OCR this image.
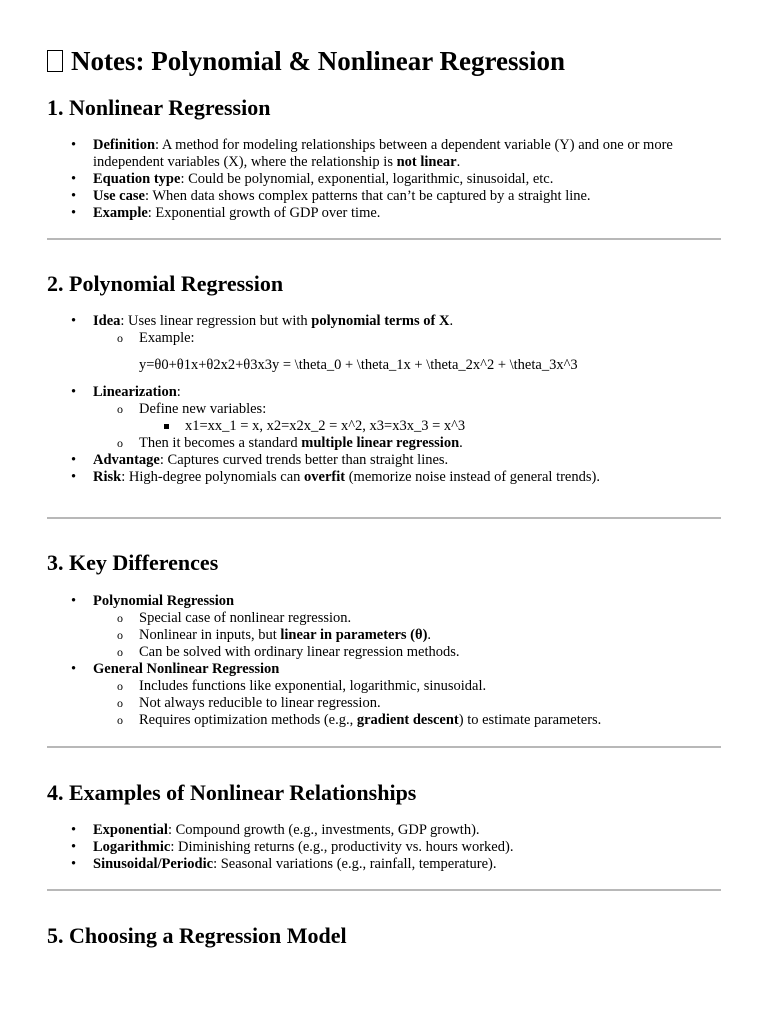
Notes: Polynomial & Nonlinear Regression
1. Nonlinear Regression
• Definition: A method for modeling relationships between a dependent variable (Y) and one or more independent variables (X), where the relationship is not linear.
• Equation type: Could be polynomial, exponential, logarithmic, sinusoidal, etc.
• Use case: When data shows complex patterns that can’t be captured by a straight line.
• Example: Exponential growth of GDP over time.
2. Polynomial Regression
• Idea: Uses linear regression but with polynomial terms of X.
o Example:
y=θ0+θ1x+θ2x2+θ3x3y = \theta_0 + \theta_1x + \theta_2x^2 + \theta_3x^3
• Linearization:
o Define new variables:
x1=xx_1 = x, x2=x2x_2 = x^2, x3=x3x_3 = x^3
o Then it becomes a standard multiple linear regression.
• Advantage: Captures curved trends better than straight lines.
• Risk: High-degree polynomials can overfit (memorize noise instead of general trends).
3. Key Differences
• Polynomial Regression
o Special case of nonlinear regression.
o Nonlinear in inputs, but linear in parameters (θ).
o Can be solved with ordinary linear regression methods.
• General Nonlinear Regression
o Includes functions like exponential, logarithmic, sinusoidal.
o Not always reducible to linear regression.
o Requires optimization methods (e.g., gradient descent) to estimate parameters.
4. Examples of Nonlinear Relationships
• Exponential: Compound growth (e.g., investments, GDP growth).
• Logarithmic: Diminishing returns (e.g., productivity vs. hours worked).
• Sinusoidal/Periodic: Seasonal variations (e.g., rainfall, temperature).
5. Choosing a Regression Model
